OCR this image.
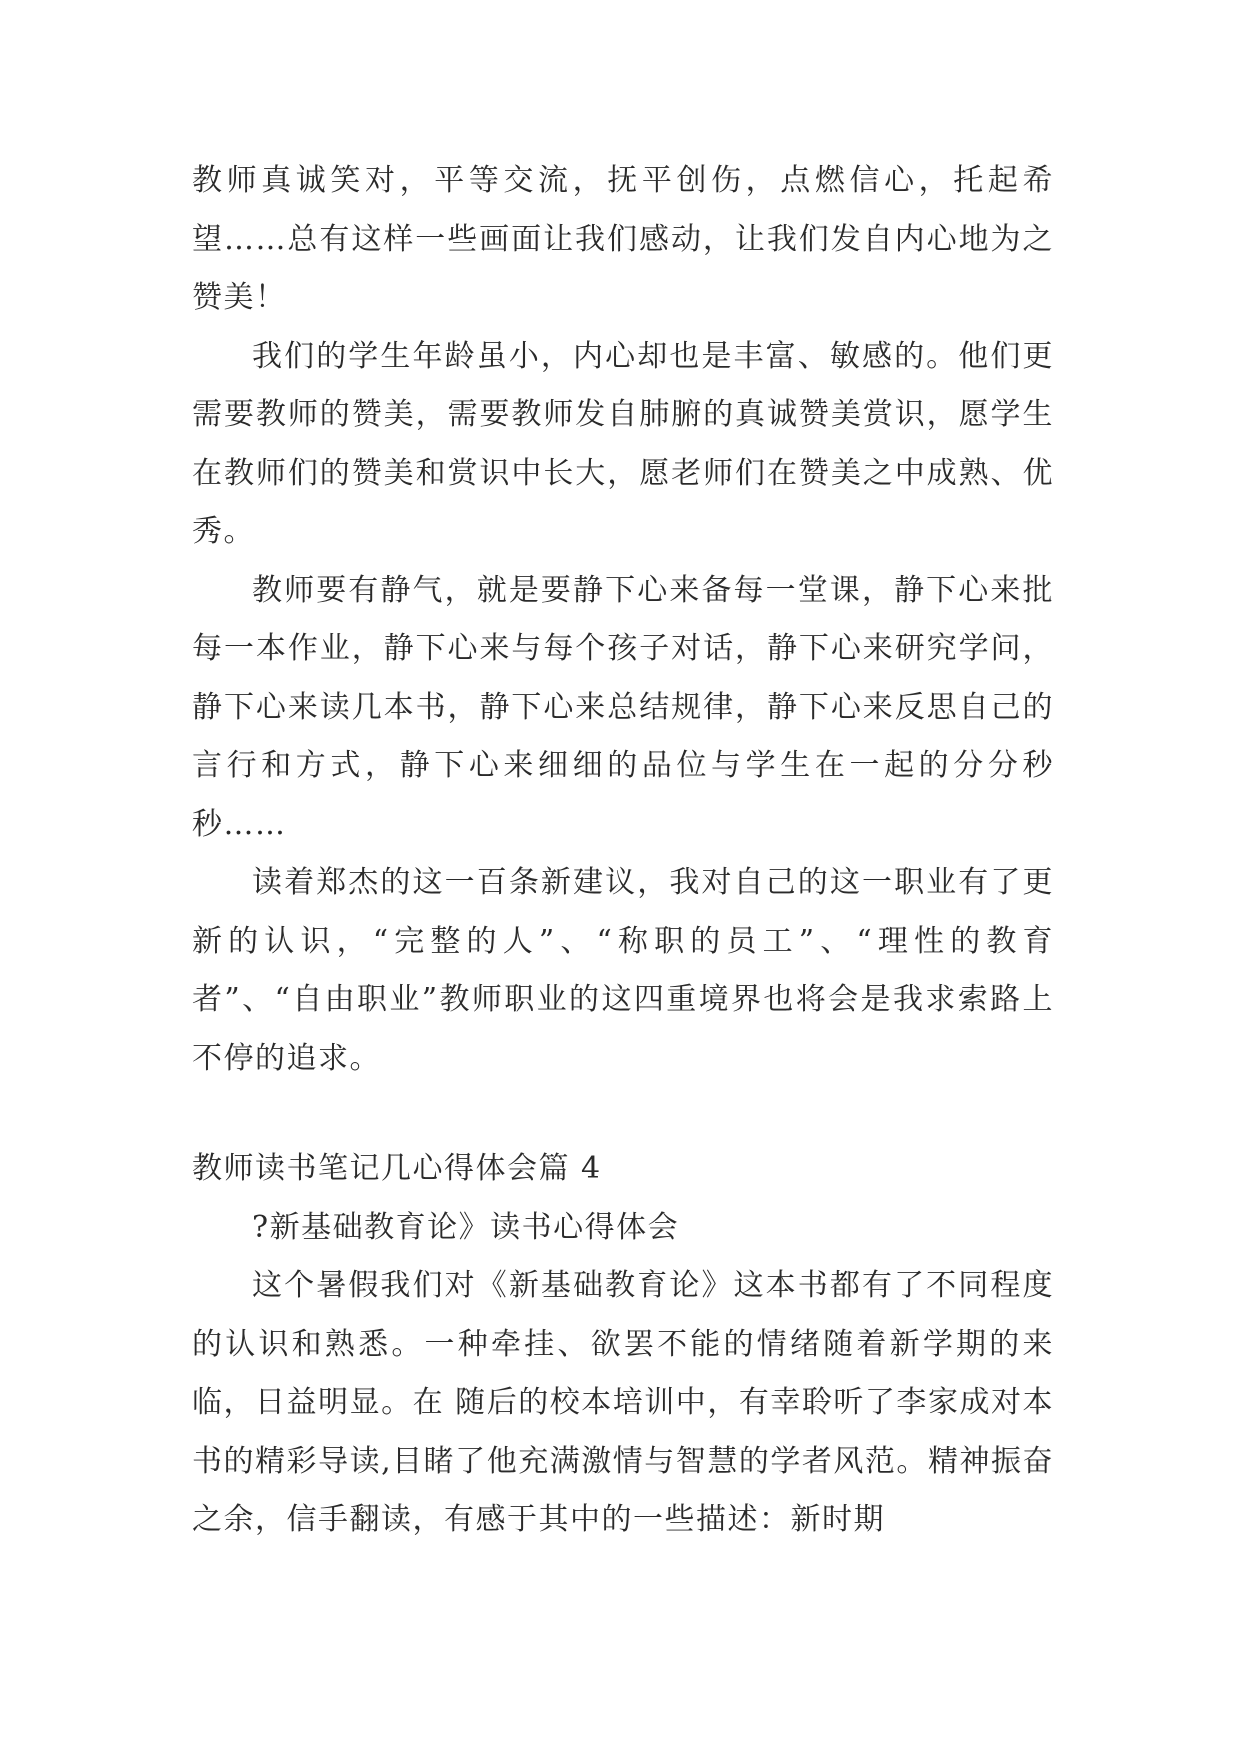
教师真诚笑对，平等交流，抚平创伤，点燃信心，托起希望……总有这样一些画面让我们感动，让我们发自内心地为之赞美！

我们的学生年龄虽小，内心却也是丰富、敏感的。他们更需要教师的赞美，需要教师发自肺腑的真诚赞美赏识，愿学生在教师们的赞美和赏识中长大，愿老师们在赞美之中成熟、优秀。

教师要有静气，就是要静下心来备每一堂课，静下心来批每一本作业，静下心来与每个孩子对话，静下心来研究学问，静下心来读几本书，静下心来总结规律，静下心来反思自己的言行和方式，静下心来细细的品位与学生在一起的分分秒秒……

读着郑杰的这一百条新建议，我对自己的这一职业有了更新的认识，“完整的人”、“称职的员工”、“理性的教育者”、“自由职业”教师职业的这四重境界也将会是我求索路上不停的追求。

教师读书笔记几心得体会篇 4

?新基础教育论》读书心得体会

这个暑假我们对《新基础教育论》这本书都有了不同程度的认识和熟悉。一种牵挂、欲罢不能的情绪随着新学期的来临，日益明显。在 随后的校本培训中，有幸聆听了李家成对本书的精彩导读,目睹了他充满激情与智慧的学者风范。精神振奋之余，信手翻读，有感于其中的一些描述：新时期
